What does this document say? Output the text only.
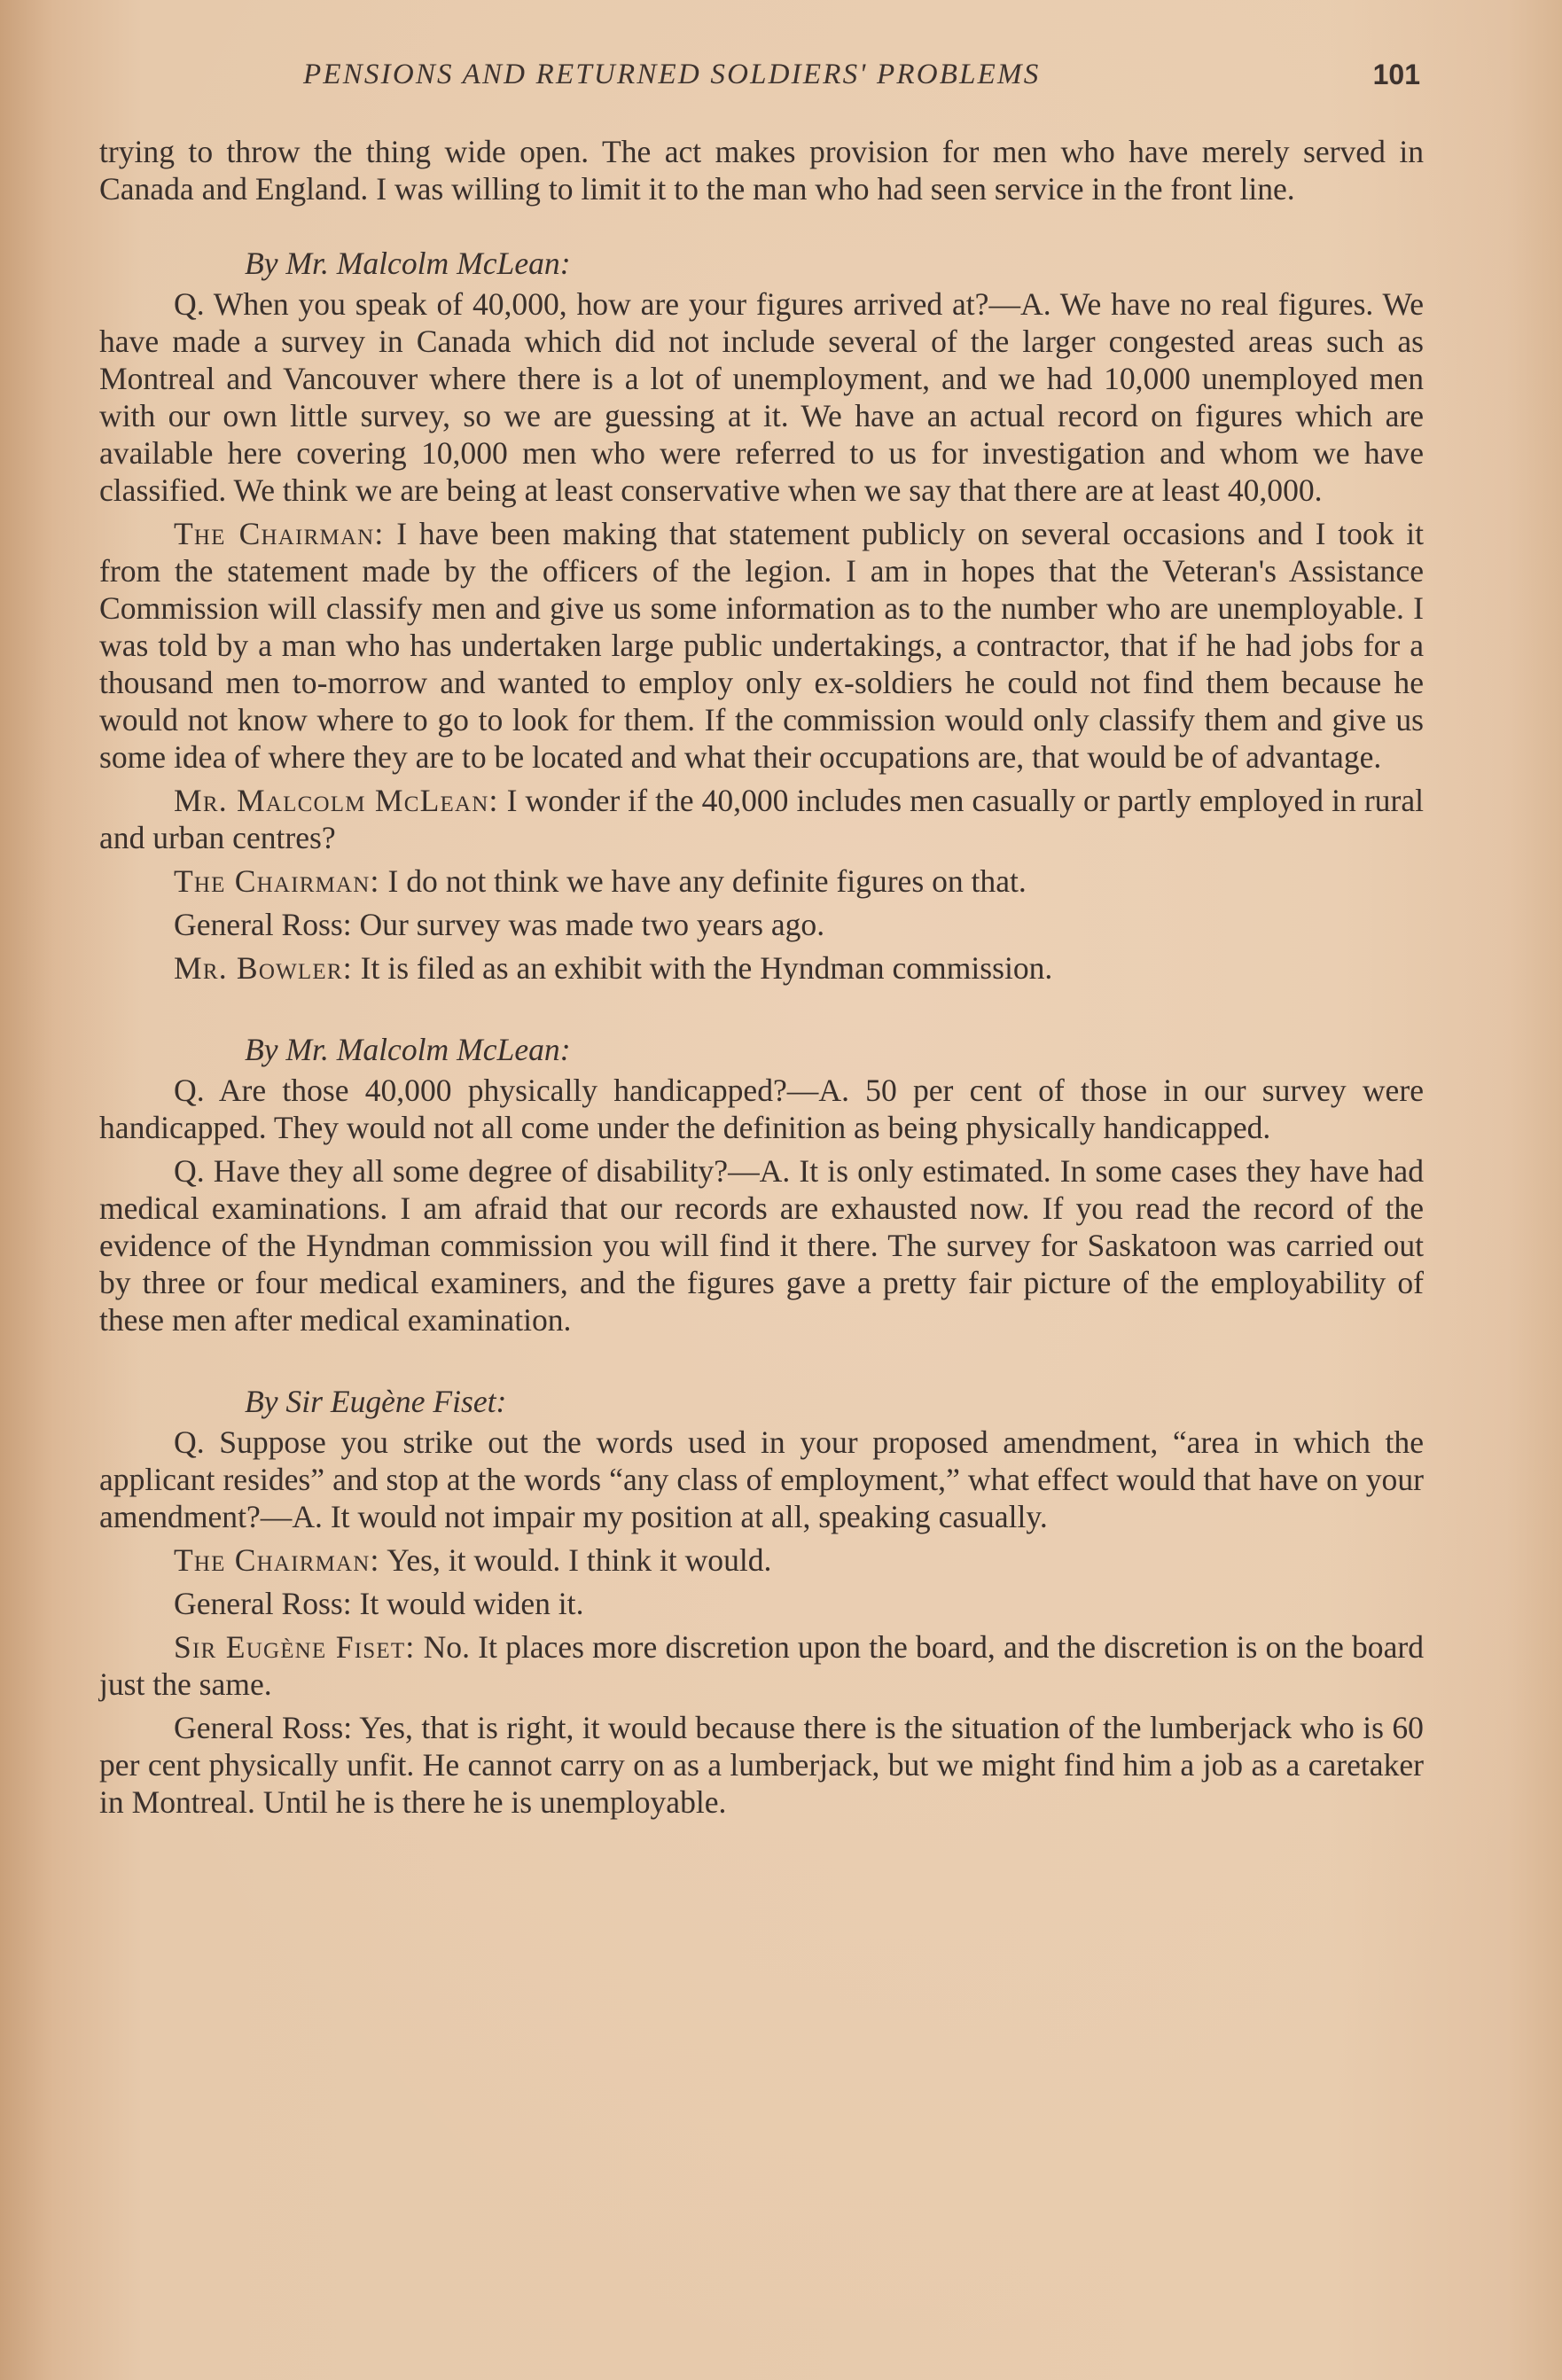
PENSIONS AND RETURNED SOLDIERS' PROBLEMS	101

trying to throw the thing wide open. The act makes provision for men who have merely served in Canada and England. I was willing to limit it to the man who had seen service in the front line.

By Mr. Malcolm McLean:

Q. When you speak of 40,000, how are your figures arrived at?—A. We have no real figures. We have made a survey in Canada which did not include several of the larger congested areas such as Montreal and Vancouver where there is a lot of unemployment, and we had 10,000 unemployed men with our own little survey, so we are guessing at it. We have an actual record on figures which are available here covering 10,000 men who were referred to us for investigation and whom we have classified. We think we are being at least conservative when we say that there are at least 40,000.

The Chairman: I have been making that statement publicly on several occasions and I took it from the statement made by the officers of the legion. I am in hopes that the Veteran's Assistance Commission will classify men and give us some information as to the number who are unemployable. I was told by a man who has undertaken large public undertakings, a contractor, that if he had jobs for a thousand men to-morrow and wanted to employ only ex-soldiers he could not find them because he would not know where to go to look for them. If the commission would only classify them and give us some idea of where they are to be located and what their occupations are, that would be of advantage.

Mr. Malcolm McLean: I wonder if the 40,000 includes men casually or partly employed in rural and urban centres?

The Chairman: I do not think we have any definite figures on that.

General Ross: Our survey was made two years ago.

Mr. Bowler: It is filed as an exhibit with the Hyndman commission.

By Mr. Malcolm McLean:

Q. Are those 40,000 physically handicapped?—A. 50 per cent of those in our survey were handicapped. They would not all come under the definition as being physically handicapped.

Q. Have they all some degree of disability?—A. It is only estimated. In some cases they have had medical examinations. I am afraid that our records are exhausted now. If you read the record of the evidence of the Hyndman commission you will find it there. The survey for Saskatoon was carried out by three or four medical examiners, and the figures gave a pretty fair picture of the employability of these men after medical examination.

By Sir Eugène Fiset:

Q. Suppose you strike out the words used in your proposed amendment, “area in which the applicant resides” and stop at the words “any class of employment,” what effect would that have on your amendment?—A. It would not impair my position at all, speaking casually.

The Chairman: Yes, it would. I think it would.

General Ross: It would widen it.

Sir Eugène Fiset: No. It places more discretion upon the board, and the discretion is on the board just the same.

General Ross: Yes, that is right, it would because there is the situation of the lumberjack who is 60 per cent physically unfit. He cannot carry on as a lumberjack, but we might find him a job as a caretaker in Montreal. Until he is there he is unemployable.
